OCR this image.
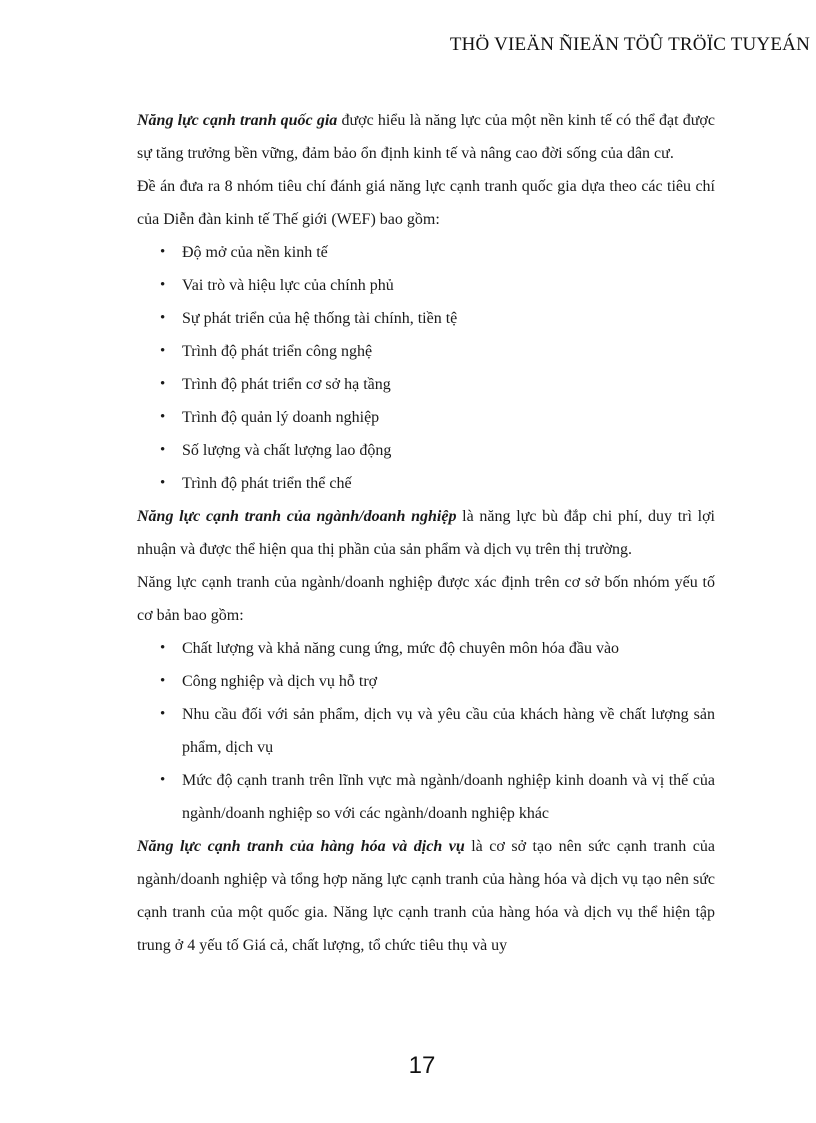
THÖ VIEÄN ÑIEÄN TÖÛ TRÖÏC TUYEÁN

Năng lực cạnh tranh quốc gia được hiểu là năng lực của một nền kinh tế có thể đạt được sự tăng trưởng bền vững, đảm bảo ổn định kinh tế và nâng cao đời sống của dân cư.

Đề án đưa ra 8 nhóm tiêu chí đánh giá năng lực cạnh tranh quốc gia dựa theo các tiêu chí của Diễn đàn kinh tế Thế giới (WEF) bao gồm:

• Độ mở của nền kinh tế
• Vai trò và hiệu lực của chính phủ
• Sự phát triển của hệ thống tài chính, tiền tệ
• Trình độ phát triển công nghệ
• Trình độ phát triển cơ sở hạ tầng
• Trình độ quản lý doanh nghiệp
• Số lượng và chất lượng lao động
• Trình độ phát triển thể chế

Năng lực cạnh tranh của ngành/doanh nghiệp là năng lực bù đắp chi phí, duy trì lợi nhuận và được thể hiện qua thị phần của sản phẩm và dịch vụ trên thị trường.

Năng lực cạnh tranh của ngành/doanh nghiệp được xác định trên cơ sở bốn nhóm yếu tố cơ bản bao gồm:

• Chất lượng và khả năng cung ứng, mức độ chuyên môn hóa đầu vào
• Công nghiệp và dịch vụ hỗ trợ
• Nhu cầu đối với sản phẩm, dịch vụ và yêu cầu của khách hàng về chất lượng sản phẩm, dịch vụ
• Mức độ cạnh tranh trên lĩnh vực mà ngành/doanh nghiệp kinh doanh và vị thế của ngành/doanh nghiệp so với các ngành/doanh nghiệp khác

Năng lực cạnh tranh của hàng hóa và dịch vụ là cơ sở tạo nên sức cạnh tranh của ngành/doanh nghiệp và tổng hợp năng lực cạnh tranh của hàng hóa và dịch vụ tạo nên sức cạnh tranh của một quốc gia. Năng lực cạnh tranh của hàng hóa và dịch vụ thể hiện tập trung ở 4 yếu tố Giá cả, chất lượng, tổ chức tiêu thụ và uy

17
